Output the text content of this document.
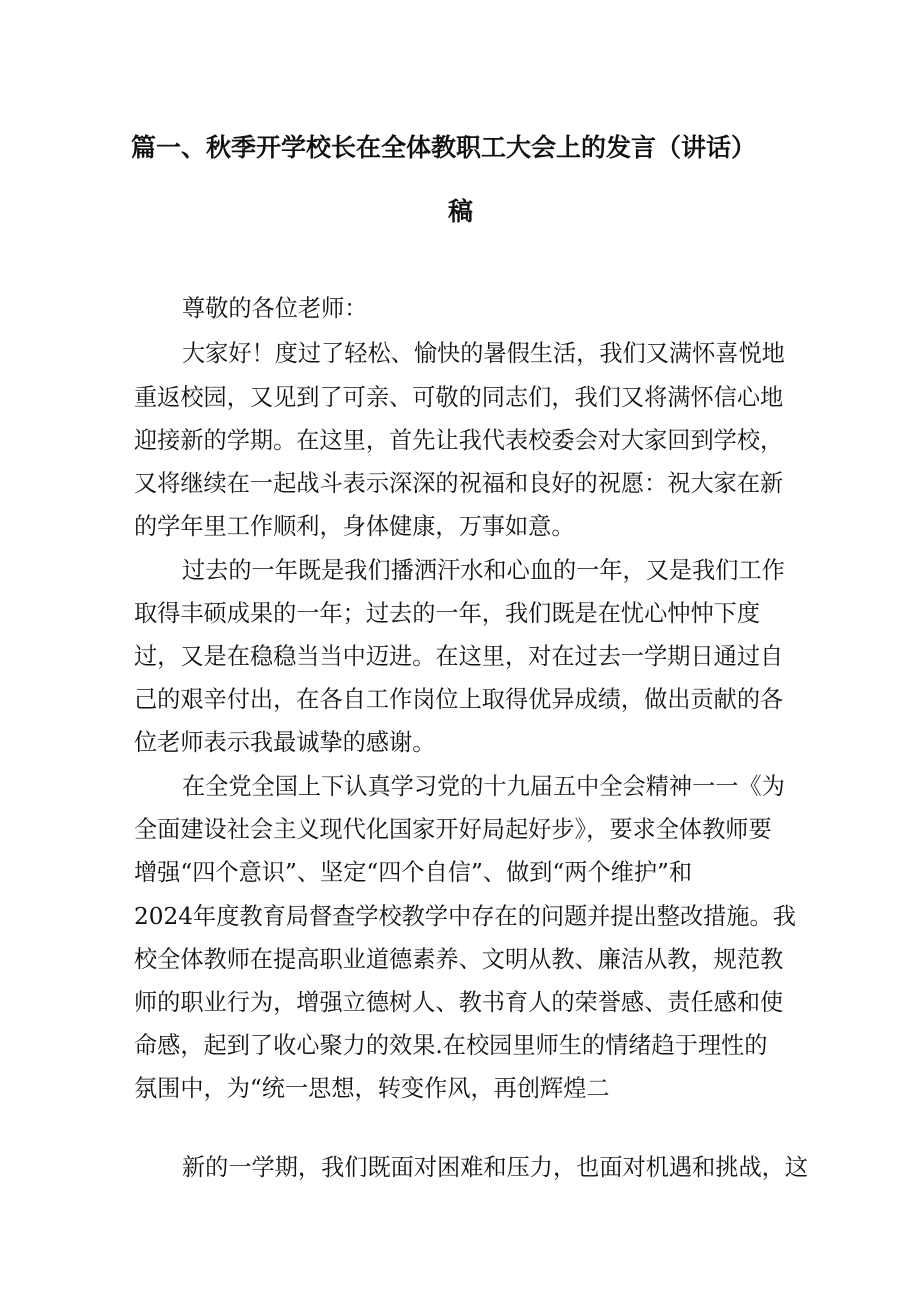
篇一、秋季开学校长在全体教职工大会上的发言（讲话）
稿
尊敬的各位老师：
大家好！度过了轻松、愉快的暑假生活，我们又满怀喜悦地
重返校园，又见到了可亲、可敬的同志们，我们又将满怀信心地
迎接新的学期。在这里，首先让我代表校委会对大家回到学校，
又将继续在一起战斗表示深深的祝福和良好的祝愿：祝大家在新
的学年里工作顺利，身体健康，万事如意。
过去的一年既是我们播洒汗水和心血的一年，又是我们工作
取得丰硕成果的一年；过去的一年，我们既是在忧心忡忡下度
过，又是在稳稳当当中迈进。在这里，对在过去一学期日通过自
己的艰辛付出，在各自工作岗位上取得优异成绩，做出贡献的各
位老师表示我最诚挚的感谢。
在全党全国上下认真学习党的十九届五中全会精神一一《为
全面建设社会主义现代化国家开好局起好步》，要求全体教师要
增强“四个意识”、坚定“四个自信”、做到“两个维护”和
2024年度教育局督查学校教学中存在的问题并提出整改措施。我
校全体教师在提高职业道德素养、文明从教、廉洁从教，规范教
师的职业行为，增强立德树人、教书育人的荣誉感、责任感和使
命感，起到了收心聚力的效果.在校园里师生的情绪趋于理性的
氛围中，为“统一思想，转变作风，再创辉煌二
新的一学期，我们既面对困难和压力，也面对机遇和挑战，这
